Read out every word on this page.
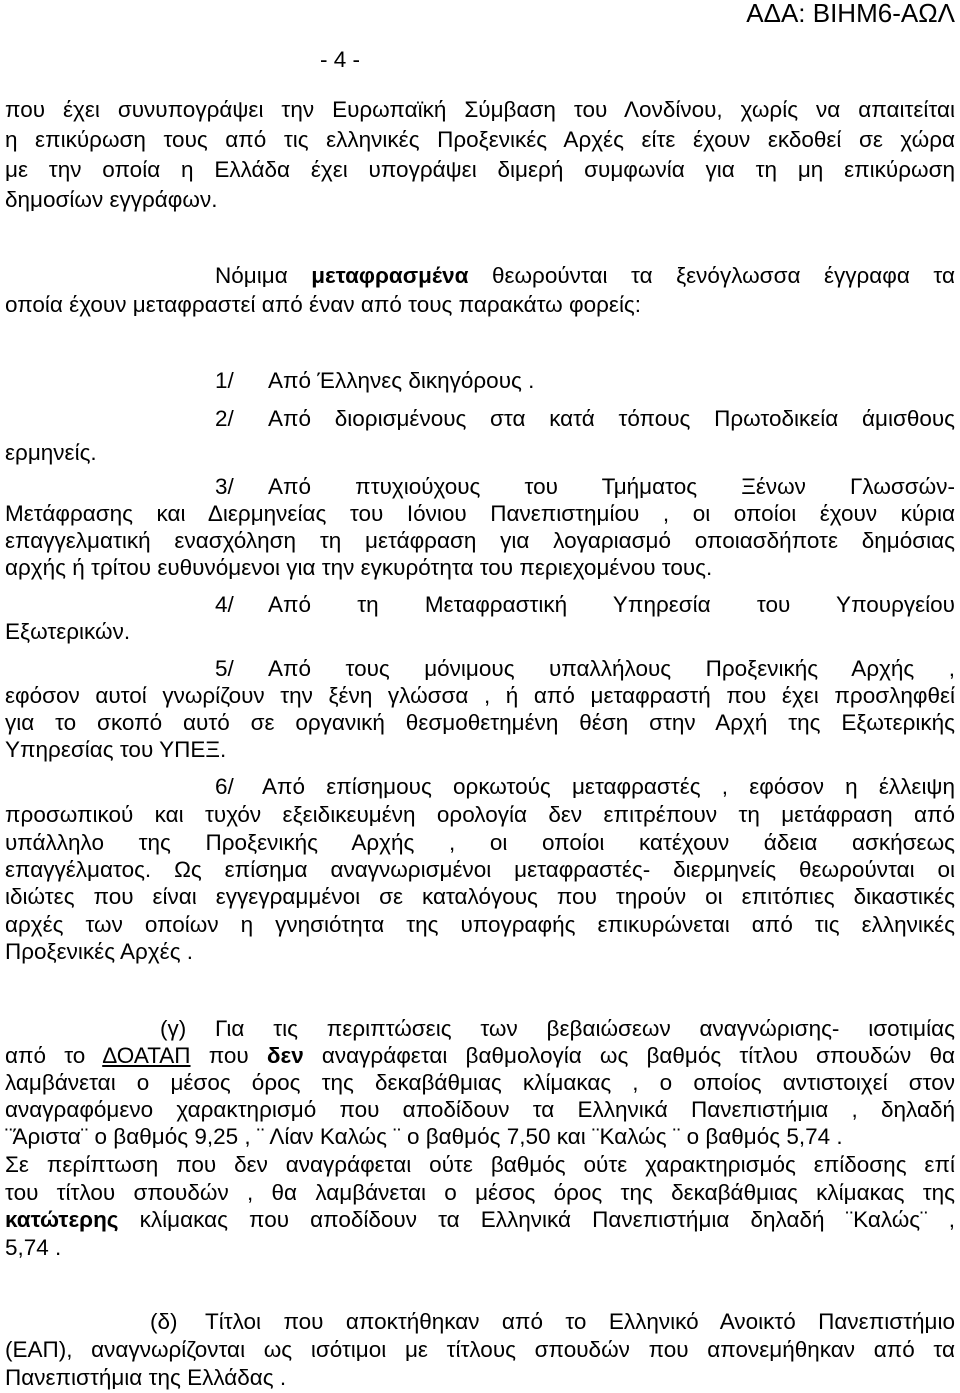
ΑΔΑ: ΒΙΗΜ6-ΑΩΛ
- 4 -
που έχει συνυπογράψει την Ευρωπαϊκή Σύμβαση του Λονδίνου, χωρίς να απαιτείται
η επικύρωση τους από τις ελληνικές Προξενικές Αρχές είτε έχουν εκδοθεί σε χώρα
με την οποία η Ελλάδα έχει υπογράψει διμερή συμφωνία για τη μη επικύρωση
δημοσίων εγγράφων.
Νόμιμα μεταφρασμένα θεωρούνται τα ξενόγλωσσα έγγραφα τα
οποία έχουν μεταφραστεί από έναν από τους παρακάτω φορείς:
1/ Από Έλληνες δικηγόρους .
2/ Από διορισμένους στα κατά τόπους Πρωτοδικεία άμισθους
ερμηνείς.
3/ Από πτυχιούχους του Τμήματος Ξένων Γλωσσών-
Μετάφρασης και Διερμηνείας του Ιόνιου Πανεπιστημίου , οι οποίοι έχουν κύρια
επαγγελματική ενασχόληση τη μετάφραση για λογαριασμό οποιασδήποτε δημόσιας
αρχής ή τρίτου ευθυνόμενοι για την εγκυρότητα του περιεχομένου τους.
4/ Από τη Μεταφραστική Υπηρεσία του Υπουργείου
Εξωτερικών.
5/ Από τους μόνιμους υπαλλήλους Προξενικής Αρχής ,
εφόσον αυτοί γνωρίζουν την ξένη γλώσσα , ή από μεταφραστή που έχει προσληφθεί
για το σκοπό αυτό σε οργανική θεσμοθετημένη θέση στην Αρχή της Εξωτερικής
Υπηρεσίας του ΥΠΕΞ.
6/ Από επίσημους ορκωτούς μεταφραστές , εφόσον η έλλειψη
προσωπικού και τυχόν εξειδικευμένη ορολογία δεν επιτρέπουν τη μετάφραση από
υπάλληλο της Προξενικής Αρχής , οι οποίοι κατέχουν άδεια ασκήσεως
επαγγέλματος. Ως επίσημα αναγνωρισμένοι μεταφραστές- διερμηνείς θεωρούνται οι
ιδιώτες που είναι εγγεγραμμένοι σε καταλόγους που τηρούν οι επιτόπιες δικαστικές
αρχές των οποίων η γνησιότητα της υπογραφής επικυρώνεται από τις ελληνικές
Προξενικές Αρχές .
(γ) Για τις περιπτώσεις των βεβαιώσεων αναγνώρισης- ισοτιμίας
από το ΔΟΑΤΑΠ που δεν αναγράφεται βαθμολογία ως βαθμός τίτλου σπουδών θα
λαμβάνεται ο μέσος όρος της δεκαβάθμιας κλίμακας , ο οποίος αντιστοιχεί στον
αναγραφόμενο χαρακτηρισμό που αποδίδουν τα Ελληνικά Πανεπιστήμια , δηλαδή
¨Άριστα¨ ο βαθμός 9,25 , ¨ Λίαν Καλώς ¨ ο βαθμός 7,50 και ¨Καλώς ¨ ο βαθμός 5,74 .
Σε περίπτωση που δεν αναγράφεται ούτε βαθμός ούτε χαρακτηρισμός επίδοσης επί
του τίτλου σπουδών , θα λαμβάνεται ο μέσος όρος της δεκαβάθμιας κλίμακας της
κατώτερης κλίμακας που αποδίδουν τα Ελληνικά Πανεπιστήμια δηλαδή ¨Καλώς¨ ,
5,74 .
(δ) Τίτλοι που αποκτήθηκαν από το Ελληνικό Ανοικτό Πανεπιστήμιο
(ΕΑΠ), αναγνωρίζονται ως ισότιμοι με τίτλους σπουδών που απονεμήθηκαν από τα
Πανεπιστήμια της Ελλάδας .
